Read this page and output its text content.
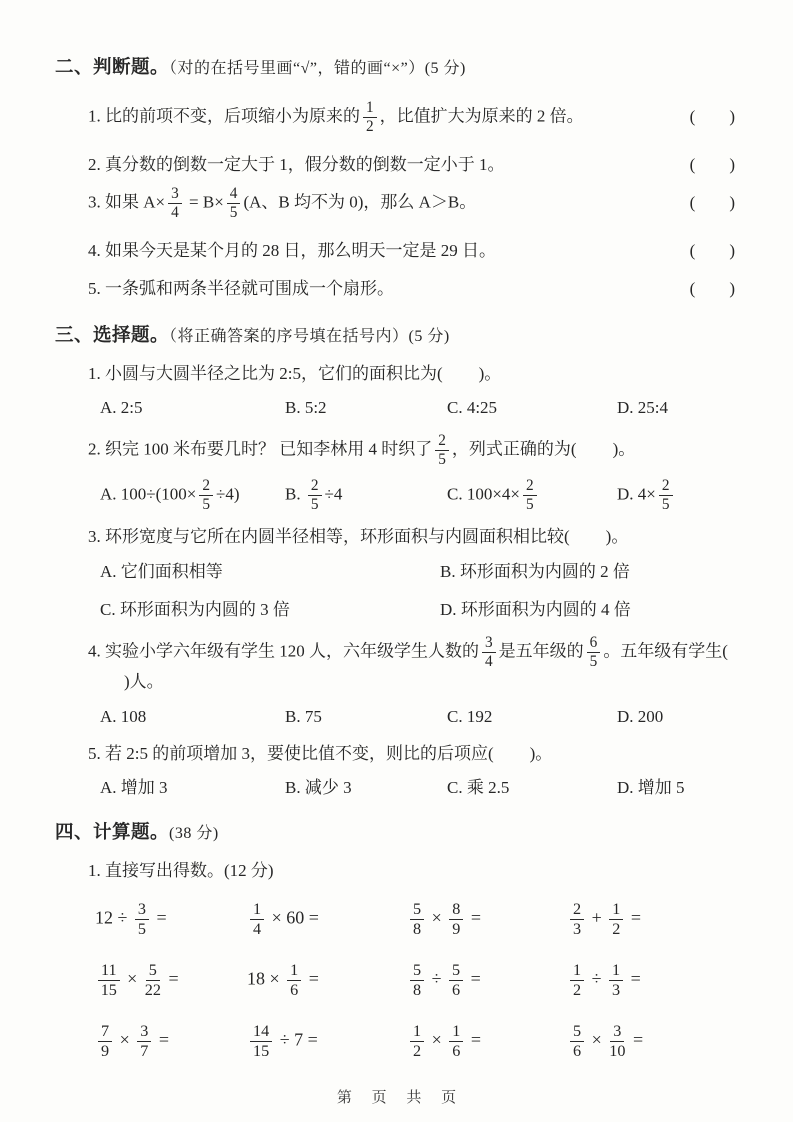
二、判断题。（对的在括号里画“√”，错的画“×”）(5 分)
1. 比的前项不变，后项缩小为原来的 $\frac{1}{2}$ ，比值扩大为原来的 2 倍。	(        )
2. 真分数的倒数一定大于 1，假分数的倒数一定小于 1。	(        )
3. 如果 $A\times \frac{3}{4} = B\times \frac{4}{5} (A$、B 均不为 0)，那么 A＞B。	(        )
4. 如果今天是某个月的 28 日，那么明天一定是 29 日。	(        )
5. 一条弧和两条半径就可围成一个扇形。	(        )
三、选择题。（将正确答案的序号填在括号内）(5 分)
1. 小圆与大圆半径之比为 2:5，它们的面积比为( )。
A. 2:5	B. 5:2	C. 4:25	D. 25:4
2. 织完 100 米布要几时？ 已知李林用 4 时织了 $\frac{2}{5}$ ，列式正确的为( )。
A. $100\div(100\times \frac{2}{5} \div 4)$	B. $\frac{2}{5} \div 4$	C. $100\times 4\times \frac{2}{5}$	D. $4\times \frac{2}{5}$
3. 环形宽度与它所在内圆半径相等，环形面积与内圆面积相比较( )。
A. 它们面积相等	B. 环形面积为内圆的 2 倍
C. 环形面积为内圆的 3 倍	D. 环形面积为内圆的 4 倍
4. 实验小学六年级有学生 120 人，六年级学生人数的 $\frac{3}{4}$ 是五年级的 $\frac{6}{5}$ 。五年级有学生()人。
A. 108	B. 75	C. 192	D. 200
5. 若 2:5 的前项增加 3，要使比值不变，则比的后项应( )。
A. 增加 3	B. 减少 3	C. 乘 2.5	D. 增加 5
四、计算题。(38 分)
1. 直接写出得数。(12 分)
$12 \div \frac{3}{5}$ =	$\frac{1}{4} \times 60$ =	$\frac{5}{8} \times \frac{8}{9}$ =	$\frac{2}{3} + \frac{1}{2}$ =
$\frac{11}{15} \times \frac{5}{22}$ =	$18 \times \frac{1}{6}$ =	$\frac{5}{8} \div \frac{5}{6}$ =	$\frac{1}{2} \div \frac{1}{3}$ =
$\frac{7}{9} \times \frac{3}{7}$ =	$\frac{14}{15} \div 7$ =	$\frac{1}{2} \times \frac{1}{6}$ =	$\frac{5}{6} \times \frac{3}{10}$ =
第 页 共 页
